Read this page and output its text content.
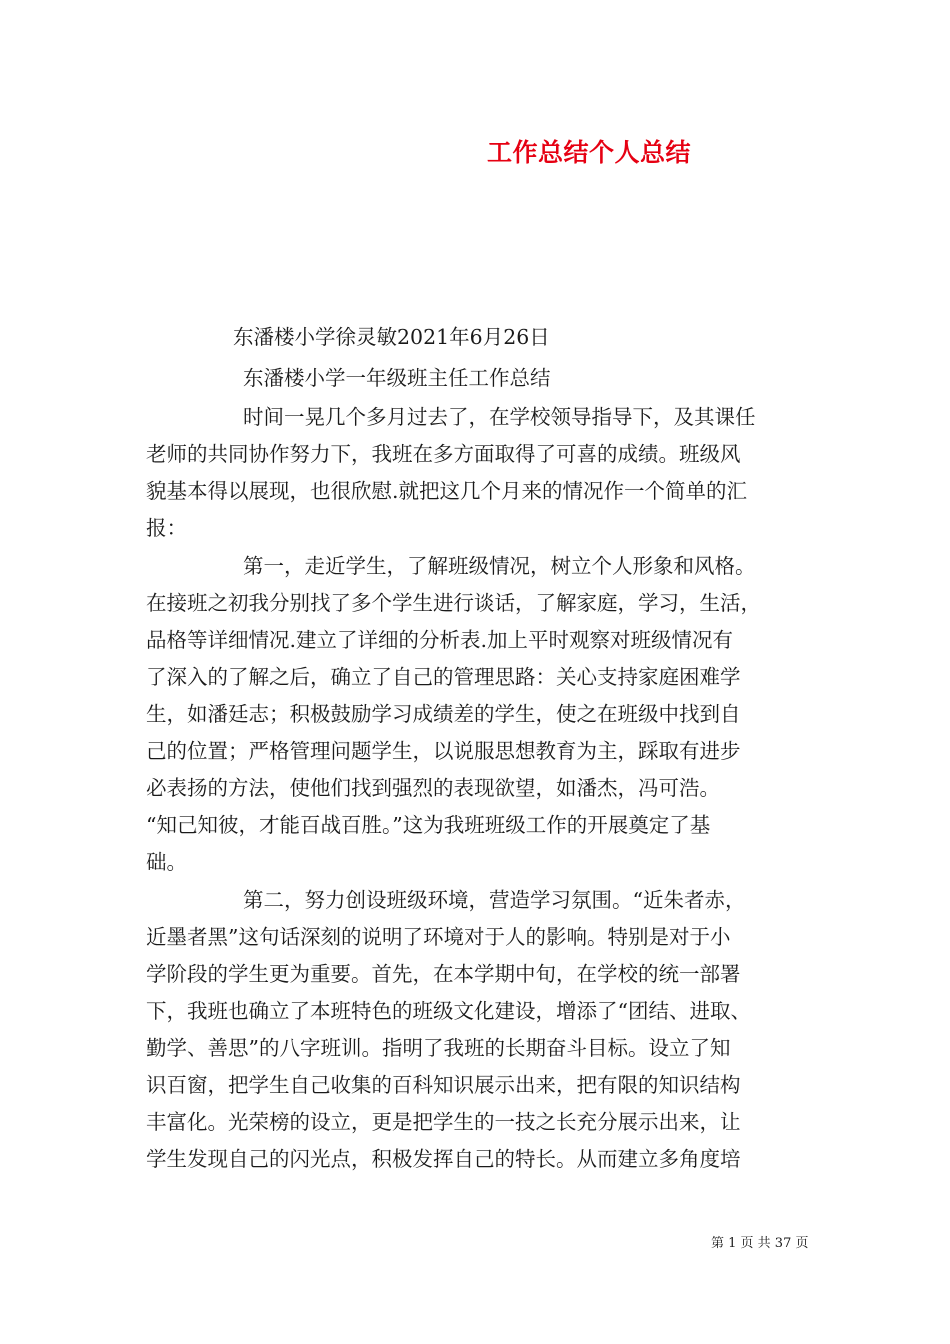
工作总结个人总结
东潘楼小学徐灵敏2021年6月26日
东潘楼小学一年级班主任工作总结
时间一晃几个多月过去了，在学校领导指导下，及其课任
老师的共同协作努力下，我班在多方面取得了可喜的成绩。班级风
貌基本得以展现，也很欣慰.就把这几个月来的情况作一个简单的汇
报：
第一，走近学生，了解班级情况，树立个人形象和风格。
在接班之初我分别找了多个学生进行谈话，了解家庭，学习，生活，
品格等详细情况.建立了详细的分析表.加上平时观察对班级情况有
了深入的了解之后，确立了自己的管理思路：关心支持家庭困难学
生，如潘廷志；积极鼓励学习成绩差的学生，使之在班级中找到自
己的位置；严格管理问题学生，以说服思想教育为主，踩取有进步
必表扬的方法，使他们找到强烈的表现欲望，如潘杰，冯可浩。
“知己知彼，才能百战百胜。”这为我班班级工作的开展奠定了基
础。
第二，努力创设班级环境，营造学习氛围。“近朱者赤，
近墨者黑”这句话深刻的说明了环境对于人的影响。特别是对于小
学阶段的学生更为重要。首先，在本学期中旬，在学校的统一部署
下，我班也确立了本班特色的班级文化建设，增添了“团结、进取、
勤学、善思”的八字班训。指明了我班的长期奋斗目标。设立了知
识百窗，把学生自己收集的百科知识展示出来，把有限的知识结构
丰富化。光荣榜的设立，更是把学生的一技之长充分展示出来，让
学生发现自己的闪光点，积极发挥自己的特长。从而建立多角度培
第 1 页 共 37 页
